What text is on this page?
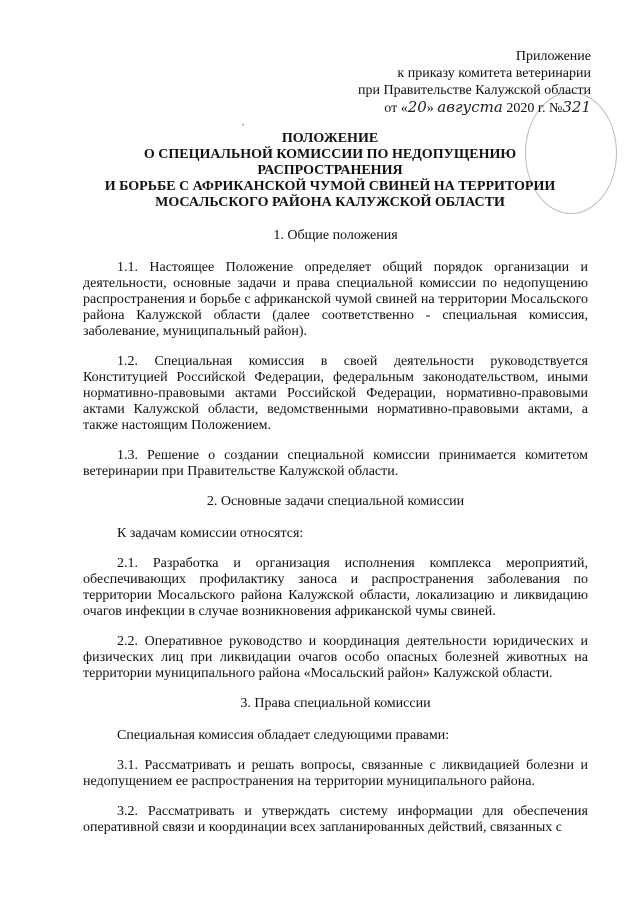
ˈ
Приложение
к приказу комитета ветеринарии
при Правительстве Калужской области
от «20» августа 2020 г. №321
ПОЛОЖЕНИЕ
О СПЕЦИАЛЬНОЙ КОМИССИИ ПО НЕДОПУЩЕНИЮ
РАСПРОСТРАНЕНИЯ
И БОРЬБЕ С АФРИКАНСКОЙ ЧУМОЙ СВИНЕЙ НА ТЕРРИТОРИИ
МОСАЛЬСКОГО РАЙОНА КАЛУЖСКОЙ ОБЛАСТИ

1. Общие положения

1.1. Настоящее Положение определяет общий порядок организации и деятельности, основные задачи и права специальной комиссии по недопущению распространения и борьбе с африканской чумой свиней на территории Мосальского района Калужской области (далее соответственно - специальная комиссия, заболевание, муниципальный район).

1.2. Специальная комиссия в своей деятельности руководствуется Конституцией Российской Федерации, федеральным законодательством, иными нормативно-правовыми актами Российской Федерации, нормативно-правовыми актами Калужской области, ведомственными нормативно-правовыми актами, а также настоящим Положением.

1.3. Решение о создании специальной комиссии принимается комитетом ветеринарии при Правительстве Калужской области.

2. Основные задачи специальной комиссии

К задачам комиссии относятся:

2.1. Разработка и организация исполнения комплекса мероприятий, обеспечивающих профилактику заноса и распространения заболевания по территории Мосальского района Калужской области, локализацию и ликвидацию очагов инфекции в случае возникновения африканской чумы свиней.

2.2. Оперативное руководство и координация деятельности юридических и физических лиц при ликвидации очагов особо опасных болезней животных на территории муниципального района «Мосальский район» Калужской области.

3. Права специальной комиссии

Специальная комиссия обладает следующими правами:

3.1. Рассматривать и решать вопросы, связанные с ликвидацией болезни и недопущением ее распространения на территории муниципального района.

3.2. Рассматривать и утверждать систему информации для обеспечения оперативной связи и координации всех запланированных действий, связанных с
